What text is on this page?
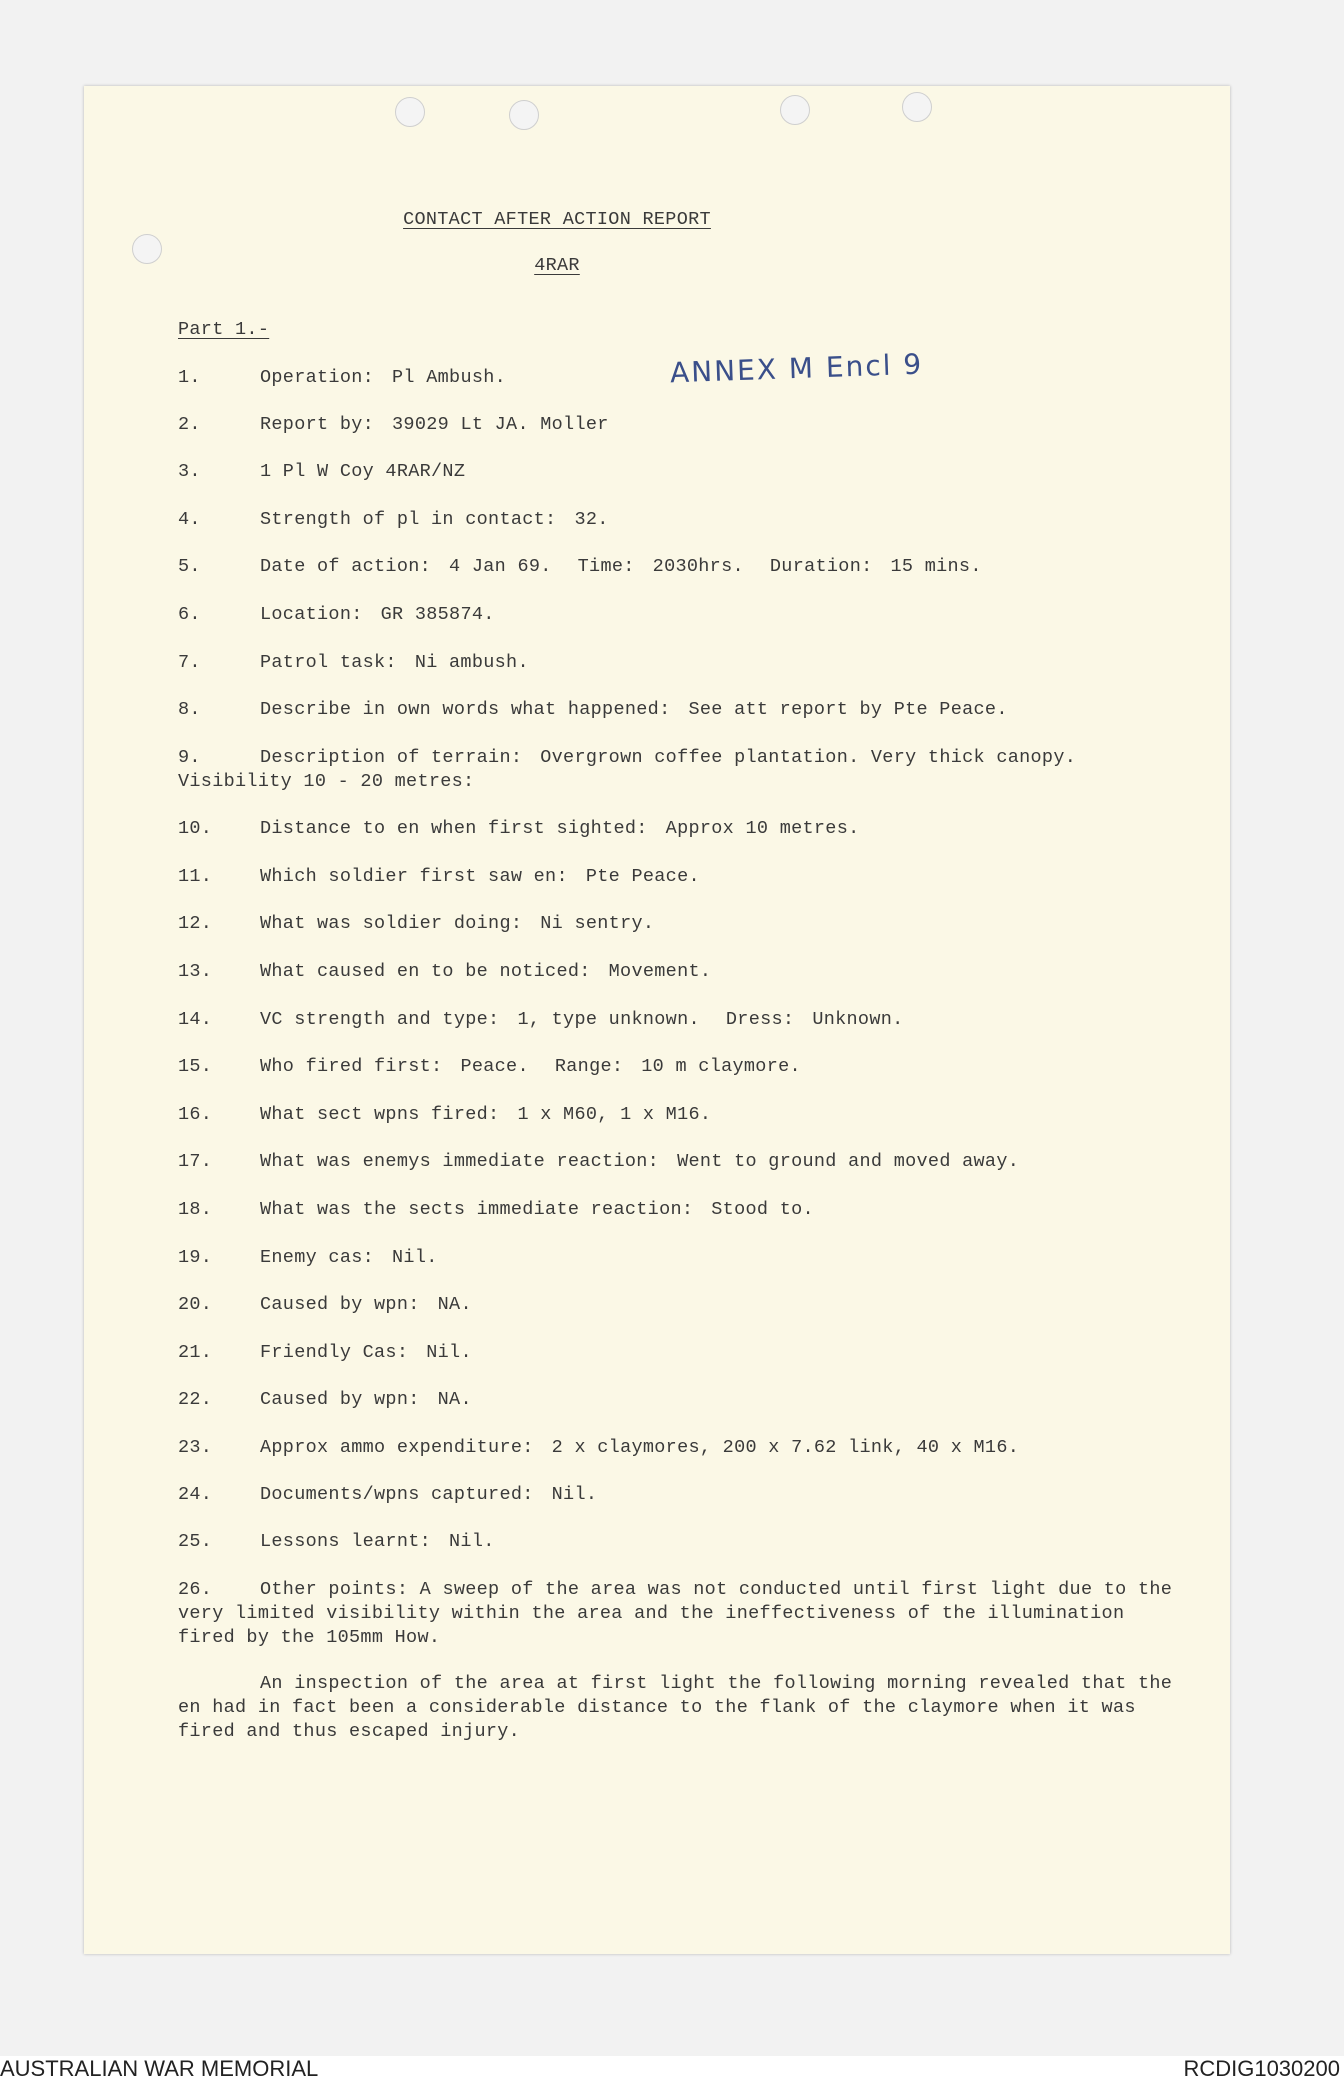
ANNEX M Encl 9
CONTACT AFTER ACTION REPORT
4RAR
Part 1.-
1.	Operation: Pl Ambush.
2.	Report by: 39029 Lt JA. Moller
3.	1 Pl W Coy 4RAR/NZ
4.	Strength of pl in contact: 32.
5.	Date of action: 4 Jan 69. Time: 2030hrs. Duration: 15 mins.
6.	Location: GR 385874.
7.	Patrol task: Ni ambush.
8.	Describe in own words what happened: See att report by Pte Peace.
9.	Description of terrain: Overgrown coffee plantation. Very thick canopy.
Visibility 10 - 20 metres:
10.	Distance to en when first sighted: Approx 10 metres.
11.	Which soldier first saw en: Pte Peace.
12.	What was soldier doing: Ni sentry.
13.	What caused en to be noticed: Movement.
14.	VC strength and type: 1, type unknown. Dress: Unknown.
15.	Who fired first: Peace. Range: 10 m claymore.
16.	What sect wpns fired: 1 x M60, 1 x M16.
17.	What was enemys immediate reaction: Went to ground and moved away.
18.	What was the sects immediate reaction: Stood to.
19.	Enemy cas: Nil.
20.	Caused by wpn: NA.
21.	Friendly Cas: Nil.
22.	Caused by wpn: NA.
23.	Approx ammo expenditure: 2 x claymores, 200 x 7.62 link, 40 x M16.
24.	Documents/wpns captured: Nil.
25.	Lessons learnt: Nil.
26.	Other points: A sweep of the area was not conducted until first light due to the very limited visibility within the area and the ineffectiveness of the illumination fired by the 105mm How.
An inspection of the area at first light the following morning revealed that the en had in fact been a considerable distance to the flank of the claymore when it was fired and thus escaped injury.
AUSTRALIAN WAR MEMORIAL	RCDIG1030200
